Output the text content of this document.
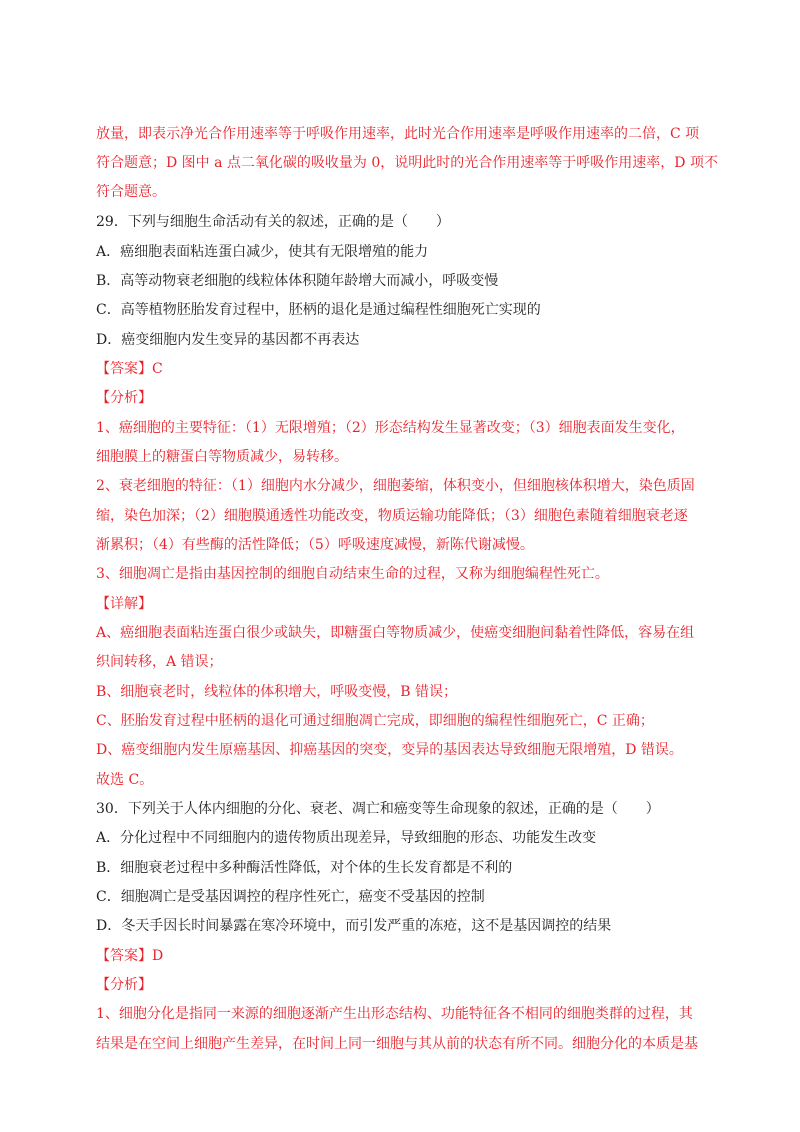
放量，即表示净光合作用速率等于呼吸作用速率，此时光合作用速率是呼吸作用速率的二倍，C 项
符合题意；D 图中 a 点二氧化碳的吸收量为 0，说明此时的光合作用速率等于呼吸作用速率，D 项不
符合题意。
29．下列与细胞生命活动有关的叙述，正确的是（　　）
A．癌细胞表面粘连蛋白减少，使其有无限增殖的能力
B．高等动物衰老细胞的线粒体体积随年龄增大而减小，呼吸变慢
C．高等植物胚胎发育过程中，胚柄的退化是通过编程性细胞死亡实现的
D．癌变细胞内发生变异的基因都不再表达
【答案】C
【分析】
1、癌细胞的主要特征：（1）无限增殖；（2）形态结构发生显著改变；（3）细胞表面发生变化，
细胞膜上的糖蛋白等物质减少，易转移。
2、衰老细胞的特征：（1）细胞内水分减少，细胞萎缩，体积变小，但细胞核体积增大，染色质固
缩，染色加深；（2）细胞膜通透性功能改变，物质运输功能降低；（3）细胞色素随着细胞衰老逐
渐累积；（4）有些酶的活性降低；（5）呼吸速度减慢，新陈代谢减慢。
3、细胞凋亡是指由基因控制的细胞自动结束生命的过程，又称为细胞编程性死亡。
【详解】
A、癌细胞表面粘连蛋白很少或缺失，即糖蛋白等物质减少，使癌变细胞间黏着性降低，容易在组
织间转移，A 错误；
B、细胞衰老时，线粒体的体积增大，呼吸变慢，B 错误；
C、胚胎发育过程中胚柄的退化可通过细胞凋亡完成，即细胞的编程性细胞死亡，C 正确；
D、癌变细胞内发生原癌基因、抑癌基因的突变，变异的基因表达导致细胞无限增殖，D 错误。
故选 C。
30．下列关于人体内细胞的分化、衰老、凋亡和癌变等生命现象的叙述，正确的是（　　）
A．分化过程中不同细胞内的遗传物质出现差异，导致细胞的形态、功能发生改变
B．细胞衰老过程中多种酶活性降低，对个体的生长发育都是不利的
C．细胞凋亡是受基因调控的程序性死亡，癌变不受基因的控制
D．冬天手因长时间暴露在寒冷环境中，而引发严重的冻疮，这不是基因调控的结果
【答案】D
【分析】
1、细胞分化是指同一来源的细胞逐渐产生出形态结构、功能特征各不相同的细胞类群的过程，其
结果是在空间上细胞产生差异，在时间上同一细胞与其从前的状态有所不同。细胞分化的本质是基
